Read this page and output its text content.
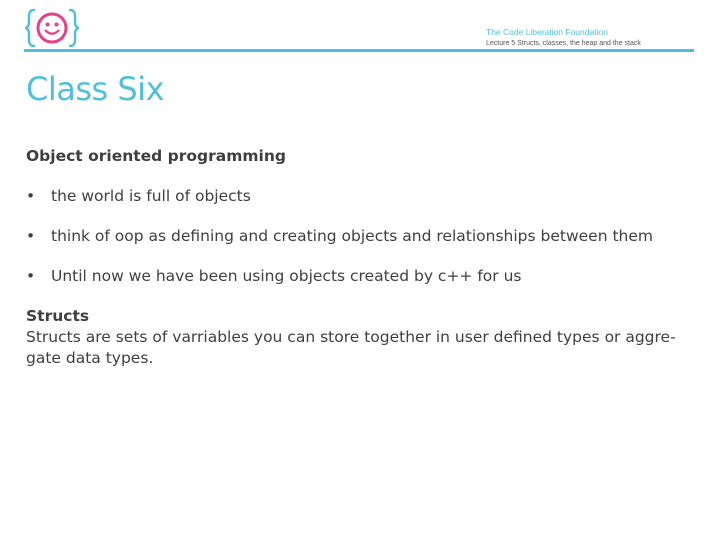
The Code Liberation Foundation
Lecture 5 Structs, classes, the heap and the stack
Class Six

Object oriented programming

•	the world is full of objects
•	think of oop as defining and creating objects and relationships between them
•	Until now we have been using objects created by c++ for us

Structs

Structs are sets of varriables you can store together in user defined types or aggre-gate data types.
